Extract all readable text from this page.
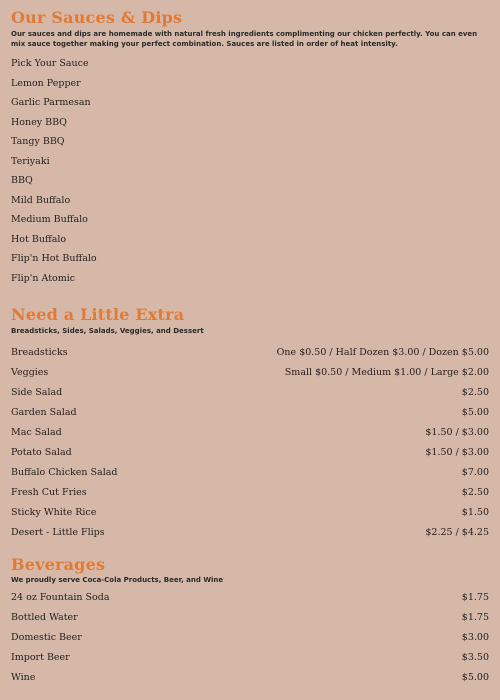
Our Sauces & Dips

Our sauces and dips are homemade with natural fresh ingredients complimenting our chicken perfectly. You can even mix sauce together making your perfect combination. Sauces are listed in order of heat intensity.

Pick Your Sauce
Lemon Pepper
Garlic Parmesan
Honey BBQ
Tangy BBQ
Teriyaki
BBQ
Mild Buffalo
Medium Buffalo
Hot Buffalo
Flip'n Hot Buffalo
Flip'n Atomic
Need a Little Extra

Breadsticks, Sides, Salads, Veggies, and Dessert

Breadsticks	One $0.50 / Half Dozen $3.00 / Dozen $5.00
Veggies	Small $0.50 / Medium $1.00 / Large $2.00
Side Salad	$2.50
Garden Salad	$5.00
Mac Salad	$1.50 / $3.00
Potato Salad	$1.50 / $3.00
Buffalo Chicken Salad	$7.00
Fresh Cut Fries	$2.50
Sticky White Rice	$1.50
Desert - Little Flips	$2.25 / $4.25
Beverages

We proudly serve Coca-Cola Products, Beer, and Wine

24 oz Fountain Soda	$1.75
Bottled Water	$1.75
Domestic Beer	$3.00
Import Beer	$3.50
Wine	$5.00
